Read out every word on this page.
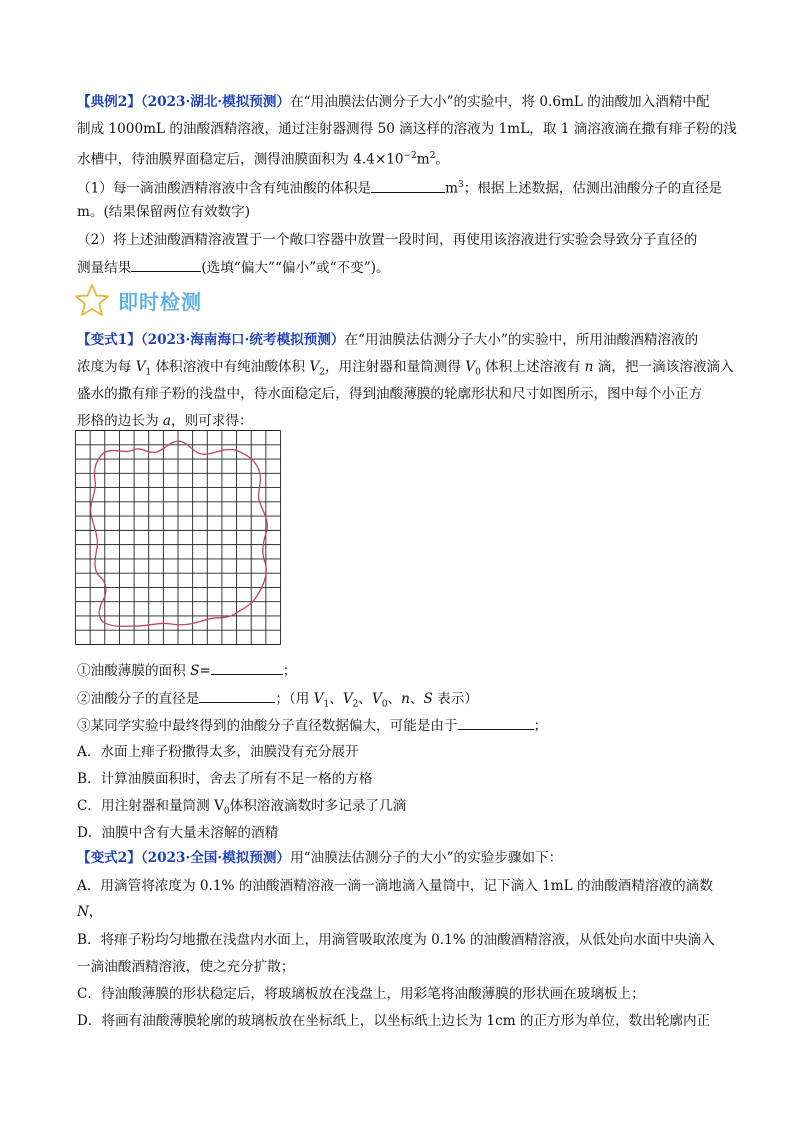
【典例2】（2023·湖北·模拟预测）在“用油膜法估测分子大小”的实验中，将 0.6mL 的油酸加入酒精中配
制成 1000mL 的油酸酒精溶液，通过注射器测得 50 滴这样的溶液为 1mL，取 1 滴溶液滴在撒有痱子粉的浅
水槽中，待油膜界面稳定后，测得油膜面积为 $4.4\times 10^{-2}m^2$。
（1）每一滴油酸酒精溶液中含有纯油酸的体积是	$m^3$；根据上述数据，估测出油酸分子的直径是
m。(结果保留两位有效数字)
（2）将上述油酸酒精溶液置于一个敞口容器中放置一段时间，再使用该溶液进行实验会导致分子直径的
测量结果	(选填“偏大”“偏小”或“不变”)。
即时检测
【变式1】（2023·海南海口·统考模拟预测）在“用油膜法估测分子大小”的实验中，所用油酸酒精溶液的
浓度为每 $V_1$ 体积溶液中有纯油酸体积 $V_2$，用注射器和量筒测得 $V_0$ 体积上述溶液有 n 滴，把一滴该溶液滴入
盛水的撒有痱子粉的浅盘中，待水面稳定后，得到油酸薄膜的轮廓形状和尺寸如图所示，图中每个小正方
形格的边长为 a，则可求得：
①油酸薄膜的面积 S=	；
②油酸分子的直径是	；（用 $V_1$、$V_2$、$V_0$、n、S 表示）
③某同学实验中最终得到的油酸分子直径数据偏大，可能是由于	；
A．水面上痱子粉撒得太多，油膜没有充分展开
B．计算油膜面积时，舍去了所有不足一格的方格
C．用注射器和量筒测 $V_0$体积溶液滴数时多记录了几滴
D．油膜中含有大量未溶解的酒精
【变式2】（2023·全国·模拟预测）用“油膜法估测分子的大小”的实验步骤如下：
A．用滴管将浓度为 0.1% 的油酸酒精溶液一滴一滴地滴入量筒中，记下滴入 1mL 的油酸酒精溶液的滴数
N，
B．将痱子粉均匀地撒在浅盘内水面上，用滴管吸取浓度为 0.1% 的油酸酒精溶液，从低处向水面中央滴入
一滴油酸酒精溶液，使之充分扩散；
C．待油酸薄膜的形状稳定后，将玻璃板放在浅盘上，用彩笔将油酸薄膜的形状画在玻璃板上；
D．将画有油酸薄膜轮廓的玻璃板放在坐标纸上，以坐标纸上边长为 1cm 的正方形为单位，数出轮廓内正
